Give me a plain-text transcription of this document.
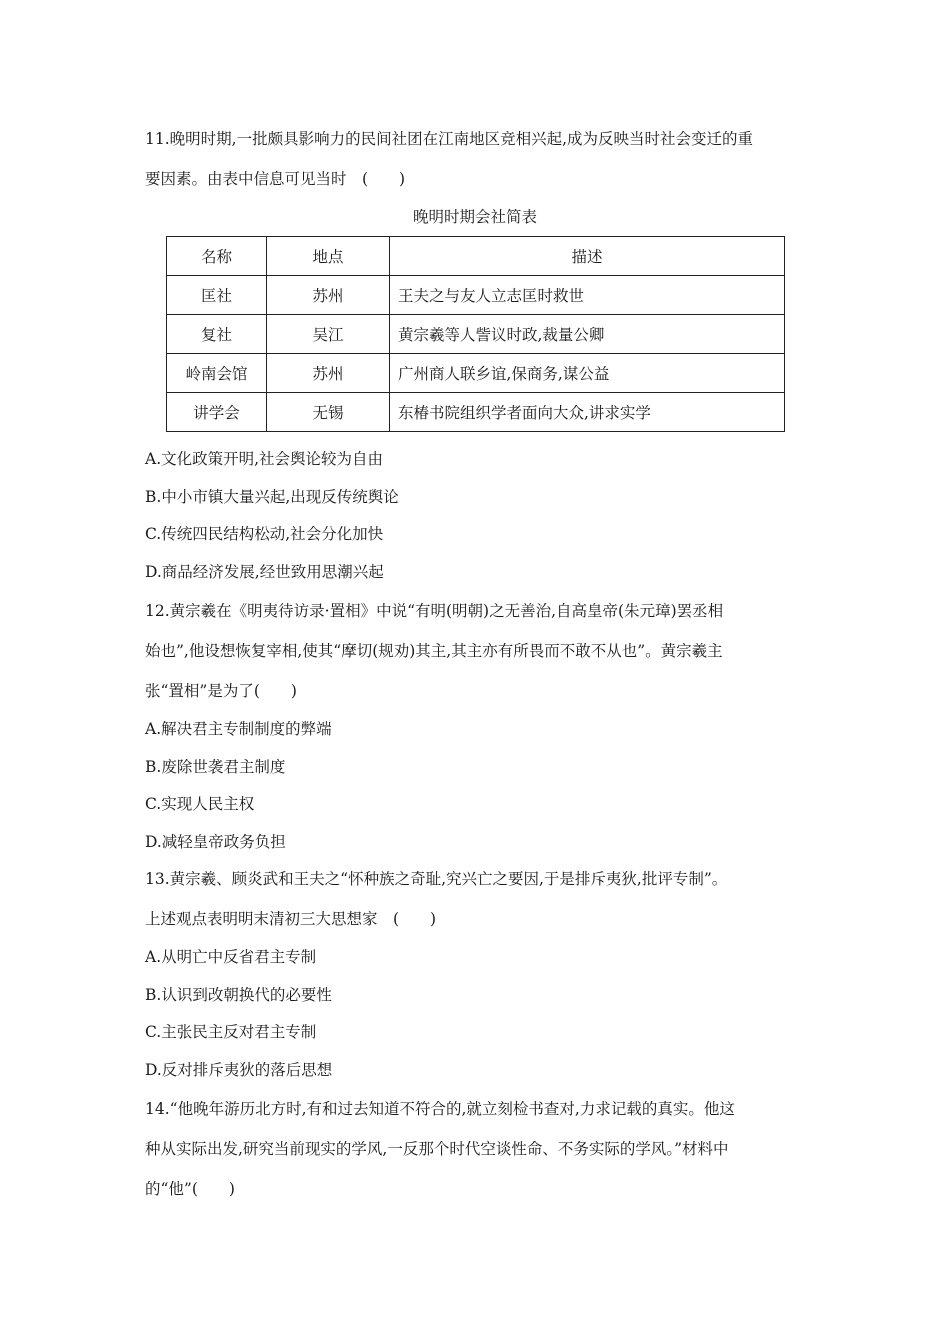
11.晚明时期,一批颇具影响力的民间社团在江南地区竞相兴起,成为反映当时社会变迁的重
要因素。由表中信息可见当时　(　　)
晚明时期会社简表
名称	地点	描述
匡社	苏州	王夫之与友人立志匡时救世
复社	吴江	黄宗羲等人訾议时政,裁量公卿
岭南会馆	苏州	广州商人联乡谊,保商务,谋公益
讲学会	无锡	东椿书院组织学者面向大众,讲求实学
A.文化政策开明,社会舆论较为自由
B.中小市镇大量兴起,出现反传统舆论
C.传统四民结构松动,社会分化加快
D.商品经济发展,经世致用思潮兴起
12.黄宗羲在《明夷待访录·置相》中说“有明(明朝)之无善治,自高皇帝(朱元璋)罢丞相
始也”,他设想恢复宰相,使其“摩切(规劝)其主,其主亦有所畏而不敢不从也”。黄宗羲主
张“置相”是为了(　　)
A.解决君主专制制度的弊端
B.废除世袭君主制度
C.实现人民主权
D.减轻皇帝政务负担
13.黄宗羲、顾炎武和王夫之“怀种族之奇耻,究兴亡之要因,于是排斥夷狄,批评专制”。
上述观点表明明末清初三大思想家　(　　)
A.从明亡中反省君主专制
B.认识到改朝换代的必要性
C.主张民主反对君主专制
D.反对排斥夷狄的落后思想
14.“他晚年游历北方时,有和过去知道不符合的,就立刻检书查对,力求记载的真实。他这
种从实际出发,研究当前现实的学风,一反那个时代空谈性命、不务实际的学风。”材料中
的“他”(　　)
